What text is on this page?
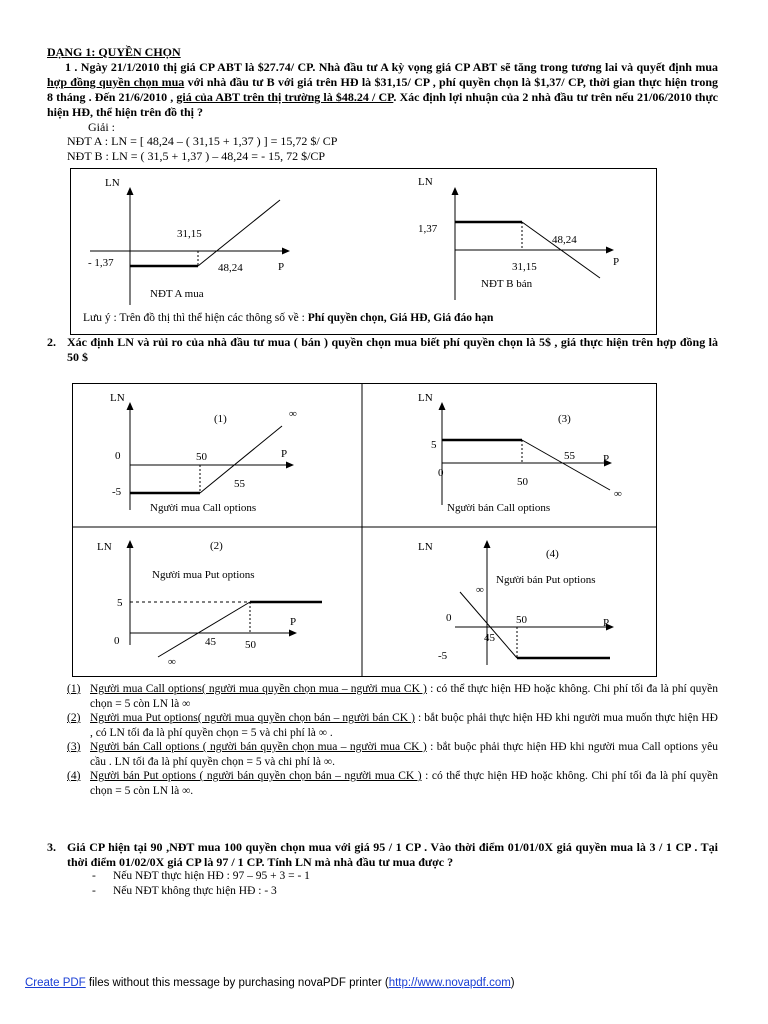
DẠNG 1: QUYỀN CHỌN
1 . Ngày 21/1/2010 thị giá CP ABT là $27.74/ CP. Nhà đầu tư A kỳ vọng giá CP ABT sẽ tăng trong tương lai và quyết định mua hợp đồng quyền chọn mua với nhà đầu tư B với giá trên HĐ là $31,15/ CP , phí quyền chọn là $1,37/ CP, thời gian thực hiện trong 8 tháng . Đến 21/6/2010 , giá của ABT trên thị trường là $48.24 / CP. Xác định lợi nhuận của 2 nhà đầu tư trên nếu 21/06/2010 thực hiện HĐ, thể hiện trên đồ thị ?
Giải :
NĐT A : LN = [ 48,24 – ( 31,15 + 1,37 ) ] = 15,72 $/ CP
NĐT B : LN = ( 31,5 + 1,37 ) – 48,24 = - 15, 72 $/CP
LN
31,15
- 1,37	48,24	P
NĐT A mua
LN
1,37
48,24
31,15	P
NĐT B bán
Lưu ý : Trên đồ thị thì thể hiện các thông số về : Phí quyền chọn, Giá HĐ, Giá đáo hạn
2. Xác định LN và rủi ro của nhà đầu tư mua ( bán ) quyền chọn mua biết phí quyền chọn là 5$ , giá thực hiện trên hợp đồng là 50 $
LN
(1)	∞
0	50	P
-5
55
Người mua Call options
LN
(3)
5
0
55	P
50
∞
Người bán Call options
LN	(2)
Người mua Put options
5
0	45	50
P
∞
LN
(4)
Người bán Put options
∞
0	50	P
45
-5
(1) Người mua Call options( người mua quyền chọn mua – người mua CK ) : có thể thực hiện HĐ hoặc không. Chi phí tối đa là phí quyền chọn = 5 còn LN là ∞
(2) Người mua Put options( người mua quyền chọn bán – người bán CK ) : bắt buộc phải thực hiện HĐ khi người mua muốn thực hiện HĐ , có LN tối đa là phí quyền chọn = 5 và chi phí là ∞ .
(3) Người bán Call options ( người bán quyền chọn mua – người mua CK ) : bắt buộc phải thực hiện HĐ khi người mua Call options yêu cầu . LN tối đa là phí quyền chọn = 5 và chi phí là ∞.
(4) Người bán Put options ( người bán quyền chọn bán – người mua CK ) : có thể thực hiện HĐ hoặc không. Chi phí tối đa là phí quyền chọn = 5 còn LN là ∞.
3. Giá CP hiện tại 90 ,NĐT mua 100 quyền chọn mua với giá 95 / 1 CP . Vào thời điểm 01/01/0X giá quyền mua là 3 / 1 CP . Tại thời điểm 01/02/0X giá CP là 97 / 1 CP. Tính LN mà nhà đầu tư mua được ?
- Nếu NĐT thực hiện HĐ : 97 – 95 + 3 = - 1
- Nếu NĐT không thực hiện HĐ : - 3
Create PDF files without this message by purchasing novaPDF printer (http://www.novapdf.com)
